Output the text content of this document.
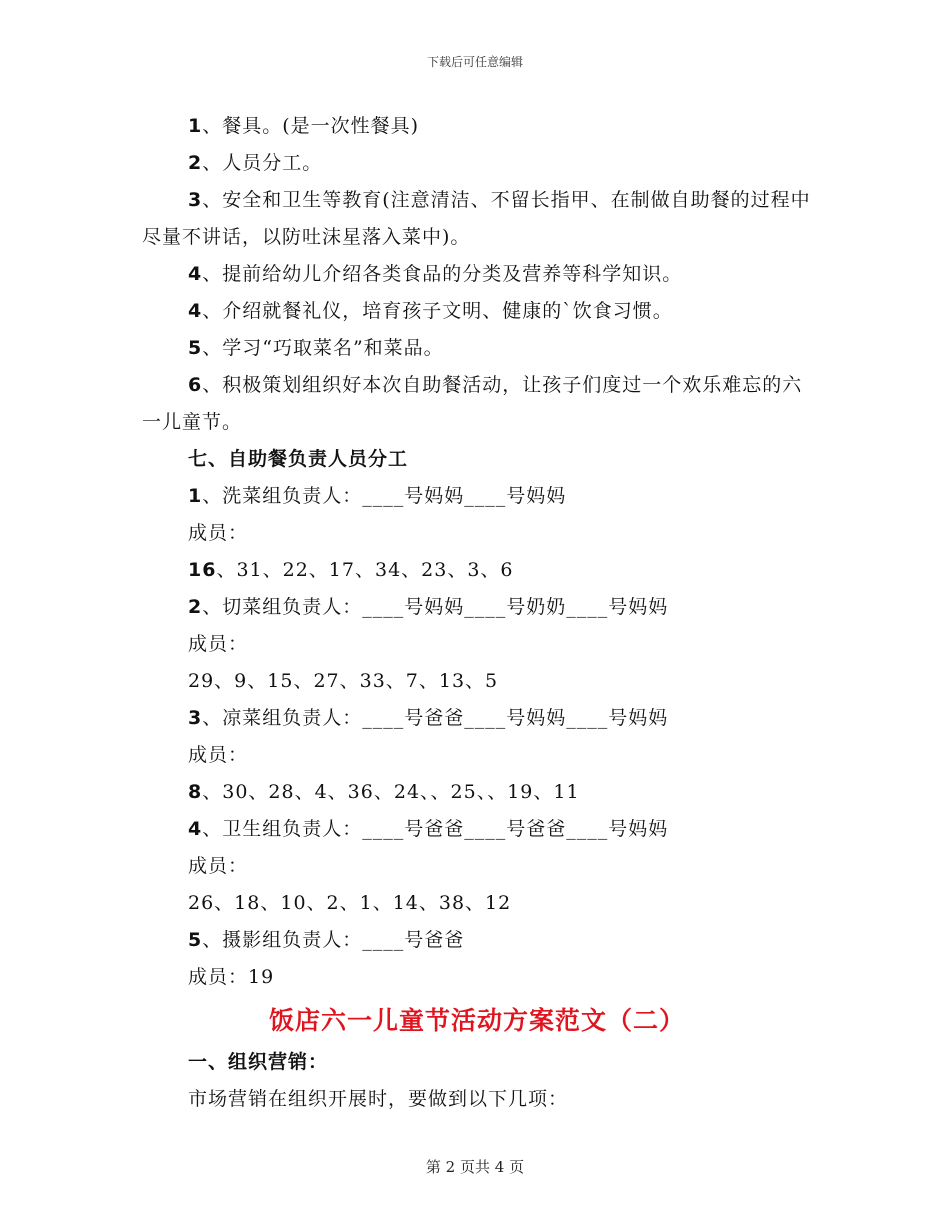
下载后可任意编辑

1、餐具。(是一次性餐具)

2、人员分工。

3、安全和卫生等教育(注意清洁、不留长指甲、在制做自助餐的过程中尽量不讲话，以防吐沫星落入菜中)。

4、提前给幼儿介绍各类食品的分类及营养等科学知识。

4、介绍就餐礼仪，培育孩子文明、健康的`饮食习惯。

5、学习“巧取菜名”和菜品。

6、积极策划组织好本次自助餐活动，让孩子们度过一个欢乐难忘的六一儿童节。

七、自助餐负责人员分工

1、洗菜组负责人：____号妈妈____号妈妈

成员：

16、31、22、17、34、23、3、6

2、切菜组负责人：____号妈妈____号奶奶____号妈妈

成员：

29、9、15、27、33、7、13、5

3、凉菜组负责人：____号爸爸____号妈妈____号妈妈

成员：

8、30、28、4、36、24、、25、、19、11

4、卫生组负责人：____号爸爸____号爸爸____号妈妈

成员：

26、18、10、2、1、14、38、12

5、摄影组负责人：____号爸爸

成员：19

饭店六一儿童节活动方案范文（二）

一、组织营销：

市场营销在组织开展时，要做到以下几项：

第 2 页共 4 页
